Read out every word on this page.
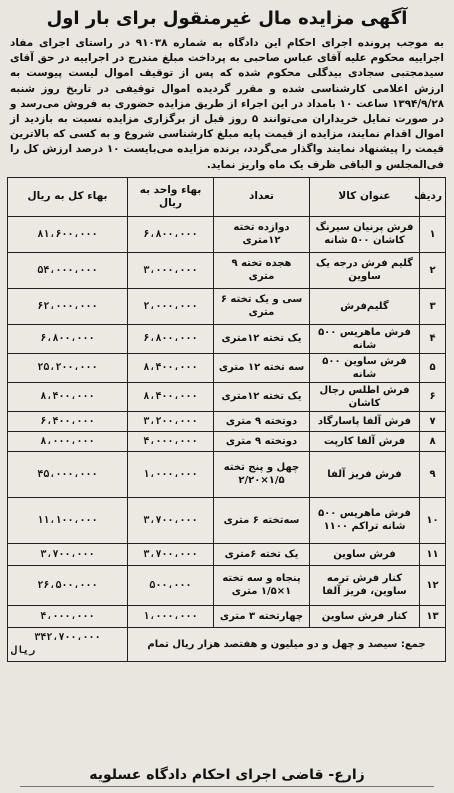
آگهی مزایده مال غیرمنقول برای بار اول

به موجب پرونده اجرای احکام این دادگاه به شماره ۹۱۰۳۸ در راستای اجرای مفاد اجراییه محکوم علیه آقای عباس صاحبی به پرداخت مبلغ مندرج در اجراییه در حق آقای سیدمجتبی سجادی بیدگلی محکوم شده که پس از توقیف اموال لیست پیوست به ارزش اعلامی کارشناسی شده و مقرر گردیده اموال توقیفی در تاریخ روز شنبه ۱۳۹۴/۹/۲۸ ساعت ۱۰ بامداد در این اجراء از طریق مزایده حضوری به فروش می‌رسد و در صورت تمایل خریداران می‌توانند ۵ روز قبل از برگزاری مزایده نسبت به بازدید از اموال اقدام نمایند، مزایده از قیمت پایه مبلغ کارشناسی شروع و به کسی که بالاترین قیمت را پیشنهاد نمایند واگذار می‌گردد، برنده مزایده می‌بایست ۱۰ درصد ارزش کل را فی‌المجلس و الباقی ظرف یک ماه واریز نماید.

ردیف	عنوان کالا	تعداد	بهاء واحد به ریال	بهاء کل به ریال
۱	فرش پرنیان سیرنگ کاشان ۵۰۰ شانه	دوازده تخته ۱۲متری	۶،۸۰۰،۰۰۰	۸۱،۶۰۰،۰۰۰
۲	گلیم فرش درجه یک ساوین	هجده تخته ۹ متری	۳،۰۰۰،۰۰۰	۵۴،۰۰۰،۰۰۰
۳	گلیم‌فرش	سی و یک تخته ۶ متری	۲،۰۰۰،۰۰۰	۶۲،۰۰۰،۰۰۰
۴	فرش ماهریس ۵۰۰ شانه	یک تخته ۱۲متری	۶،۸۰۰،۰۰۰	۶،۸۰۰،۰۰۰
۵	فرش ساوین ۵۰۰ شانه	سه تخته ۱۲ متری	۸،۴۰۰،۰۰۰	۲۵،۲۰۰،۰۰۰
۶	فرش اطلس رجال کاشان	یک تخته ۱۲متری	۸،۴۰۰،۰۰۰	۸،۴۰۰،۰۰۰
۷	فرش آلفا پاسارگاد	دوتخته ۹ متری	۳،۲۰۰،۰۰۰	۶،۴۰۰،۰۰۰
۸	فرش آلفا کارپت	دوتخته ۹ متری	۴،۰۰۰،۰۰۰	۸،۰۰۰،۰۰۰
۹	فرش فریز آلفا	چهل و پنج تخته ۱/۵×۲/۲۰	۱،۰۰۰،۰۰۰	۴۵،۰۰۰،۰۰۰
۱۰	فرش ماهریس ۵۰۰ شانه تراکم ۱۱۰۰	سه‌تخته ۶ متری	۳،۷۰۰،۰۰۰	۱۱،۱۰۰،۰۰۰
۱۱	فرش ساوین	یک تخته ۶متری	۳،۷۰۰،۰۰۰	۳،۷۰۰،۰۰۰
۱۲	کنار فرش ترمه ساوین، فریز آلفا	پنجاه و سه تخته ۱×۱/۵ متری	۵۰۰،۰۰۰	۲۶،۵۰۰،۰۰۰
۱۳	کنار فرش ساوین	چهارتخته ۳ متری	۱،۰۰۰،۰۰۰	۴،۰۰۰،۰۰۰
جمع: سیصد و چهل و دو میلیون و هفتصد هزار ریال تمام				۳۴۲،۷۰۰،۰۰۰
ریال
زارع- قاضی اجرای احکام دادگاه عسلویه
